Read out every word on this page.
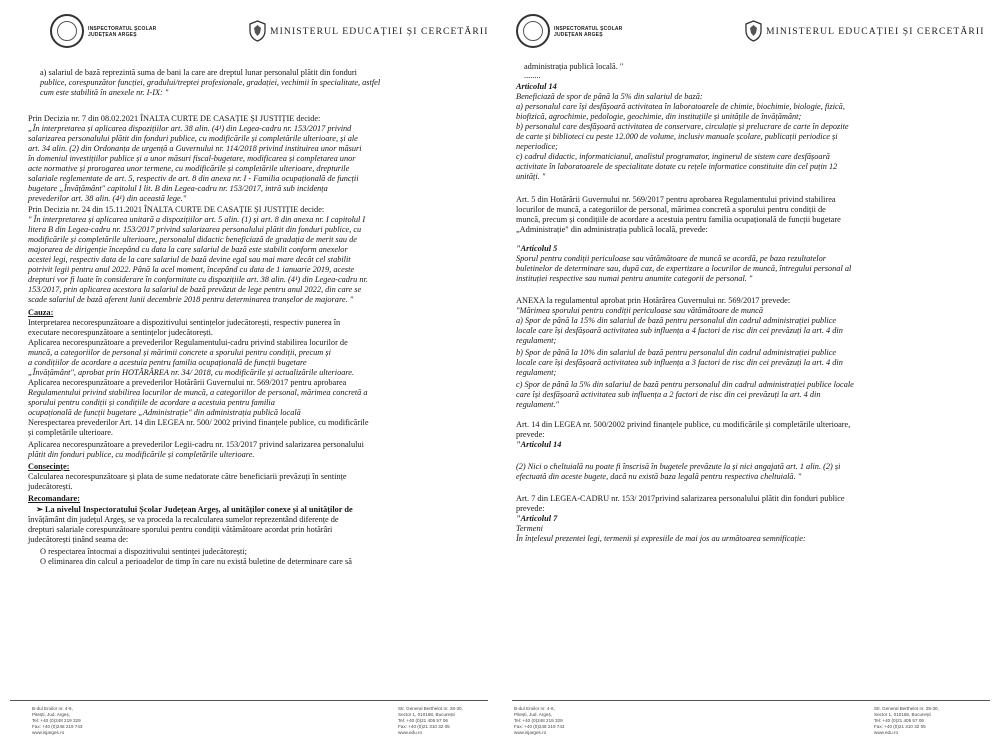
INSPECTORATUL ȘCOLAR
JUDEȚEAN ARGEȘ	MINISTERUL EDUCAȚIEI ȘI CERCETĂRII
a) salariul de bază reprezintă suma de bani la care are dreptul lunar personalul plătit din fonduri
publice, corespunzător funcției, gradului/treptei profesionale, gradației, vechimii în specialitate, astfel
cum este stabilită în anexele nr. I-IX: "
Prin Decizia nr. 7 din 08.02.2021 ÎNALTA CURTE DE CASAȚIE ȘI JUSTIȚIE decide:
„În interpretarea și aplicarea dispozițiilor art. 38 alin. (4¹) din Legea-cadru nr. 153/2017 privind
salarizarea personalului plătit din fonduri publice, cu modificările și completările ulterioare, și ale
art. 34 alin. (2) din Ordonanța de urgență a Guvernului nr. 114/2018 privind instituirea unor măsuri
în domeniul investițiilor publice și a unor măsuri fiscal-bugetare, modificarea și completarea unor
acte normative și prorogarea unor termene, cu modificările și completările ulterioare, drepturile
salariale reglementate de art. 5, respectiv de art. 8 din anexa nr. I - Familia ocupațională de funcții
bugetare „Învățământ" capitolul I lit. B din Legea-cadru nr. 153/2017, intră sub incidența
prevederilor art. 38 alin. (4¹) din această lege."
Prin Decizia nr. 24 din 15.11.2021 ÎNALTA CURTE DE CASAȚIE ȘI JUSTIȚIE decide:
" În interpretarea și aplicarea unitară a dispozițiilor art. 5 alin. (1) și art. 8 din anexa nr. I capitolul I
litera B din Legea-cadru nr. 153/2017 privind salarizarea personalului plătit din fonduri publice, cu
modificările și completările ulterioare, personalul didactic beneficiază de gradația de merit sau de
majorarea de dirigenție începând cu data la care salariul de bază este stabilit conform anexelor
acestei legi, respectiv data de la care salariul de bază devine egal sau mai mare decât cel stabilit
potrivit legii pentru anul 2022. Până la acel moment, începând cu data de 1 ianuarie 2019, aceste
drepturi vor fi luate în considerare în conformitate cu dispozițiile art. 38 alin. (4¹) din Legea-cadru nr.
153/2017, prin aplicarea acestora la salariul de bază prevăzut de lege pentru anul 2022, din care se
scade salariul de bază aferent lunii decembrie 2018 pentru determinarea tranșelor de majorare. "
Cauza:
Interpretarea necorespunzătoare a dispozitivului sentințelor judecătorești, respectiv punerea în
executare necorespunzătoare a sentințelor judecătorești.
Aplicarea necorespunzătoare a prevederilor Regulamentului-cadru privind stabilirea locurilor de
muncă, a categoriilor de personal și mărimii concrete a sporului pentru condiții, precum și
a condițiilor de acordare a acestuia pentru familia ocupațională de funcții bugetare
„Învățământ", aprobat prin HOTĂRÂREA nr. 34/ 2018, cu modificările și actualizările ulterioare.
Aplicarea necorespunzătoare a prevederilor Hotărârii Guvernului nr. 569/2017 pentru aprobarea
Regulamentului privind stabilirea locurilor de muncă, a categoriilor de personal, mărimea concretă a
sporului pentru condiții și condițiile de acordare a acestuia pentru familia
ocupațională de funcții bugetare „Administrație" din administrația publică locală
Nerespectarea prevederilor Art. 14 din LEGEA nr. 500/ 2002 privind finanțele publice, cu modificările
și completările ulterioare.
Aplicarea necorespunzătoare a prevederilor Legii-cadru nr. 153/2017 privind salarizarea personalului
plătit din fonduri publice, cu modificările și completările ulterioare.
Consecințe:
Calcularea necorespunzătoare și plata de sume nedatorate către beneficiarii prevăzuți în sentințe
judecătorești.
Recomandare:
➢ La nivelul Inspectoratului Școlar Județean Argeș, al unităților conexe și al unităților de
învățământ din județul Argeș, se va proceda la recalcularea sumelor reprezentând diferențe de
drepturi salariale corespunzătoare sporului pentru condiții vătămătoare acordat prin hotărâri
judecătorești ținând seama de:
O respectarea întocmai a dispozitivului sentinței judecătorești;
O eliminarea din calcul a perioadelor de timp în care nu există buletine de determinare care să
B-dul Eroilor nr. 4-6,
Pitești, Jud. Argeș,
Tel: +40 (0)248 219 329
Fax: +40 (0)248 219 743
www.isjarges.ro
Str. General Berthelot nr. 28-30,
Sector 1, 010168, București
Tel: +40 (0)21 405 57 06
Fax: +40 (0)21 310 32 05
www.edu.ro
INSPECTORATUL ȘCOLAR
JUDEȚEAN ARGEȘ	MINISTERUL EDUCAȚIEI ȘI CERCETĂRII
administrația publică locală. "
........
Articolul 14
Beneficiază de spor de până la 5% din salariul de bază:
a) personalul care își desfășoară activitatea în laboratoarele de chimie, biochimie, biologie, fizică,
biofizică, agrochimie, pedologie, geochimie, din instituțiile și unitățile de învățământ;
b) personalul care desfășoară activitatea de conservare, circulație și prelucrare de carte în depozite
de carte și biblioteci cu peste 12.000 de volume, inclusiv manuale școlare, publicații periodice și
neperiodice;
c) cadrul didactic, informaticianul, analistul programator, inginerul de sistem care desfășoară
activitate în laboratoarele de specialitate dotate cu rețele informatice constituite din cel puțin 12
unități. "
Art. 5 din Hotărârii Guvernului nr. 569/2017 pentru aprobarea Regulamentului privind stabilirea
locurilor de muncă, a categoriilor de personal, mărimea concretă a sporului pentru condiții de
muncă, precum și condițiile de acordare a acestuia pentru familia ocupațională de funcții bugetare
„Administrație" din administrația publică locală, prevede:
"Articolul 5
Sporul pentru condiții periculoase sau vătămătoare de muncă se acordă, pe baza rezultatelor
buletinelor de determinare sau, după caz, de expertizare a locurilor de muncă, întregului personal al
instituției respective sau numai pentru anumite categorii de personal. "
ANEXA la regulamentul aprobat prin Hotărârea Guvernului nr. 569/2017 prevede:
"Mărimea sporului pentru condiții periculoase sau vătămătoare de muncă
a) Spor de până la 15% din salariul de bază pentru personalul din cadrul administrației publice
locale care își desfășoară activitatea sub influența a 4 factori de risc din cei prevăzuți la art. 4 din
regulament;
b) Spor de până la 10% din salariul de bază pentru personalul din cadrul administrației publice
locale care își desfășoară activitatea sub influența a 3 factori de risc din cei prevăzuți la art. 4 din
regulament;
c) Spor de până la 5% din salariul de bază pentru personalul din cadrul administrației publice locale
care își desfășoară activitatea sub influența a 2 factori de risc din cei prevăzuți la art. 4 din
regulament."
Art. 14 din LEGEA nr. 500/2002 privind finanțele publice, cu modificările și completările ulterioare,
prevede:
"Articolul 14
(2) Nici o cheltuială nu poate fi înscrisă în bugetele prevăzute la și nici angajată art. 1 alin. (2) și
efectuată din aceste bugete, dacă nu există baza legală pentru respectiva cheltuială. "
Art. 7 din LEGEA-CADRU nr. 153/ 2017privind salarizarea personalului plătit din fonduri publice
prevede:
"Articolul 7
Termeni
În înțelesul prezentei legi, termenii și expresiile de mai jos au următoarea semnificație:
B-dul Eroilor nr. 4-6,
Pitești, Jud. Argeș,
Tel: +40 (0)248 219 329
Fax: +40 (0)248 219 743
www.isjarges.ro
Str. General Berthelot nr. 28-30,
Sector 1, 010168, București
Tel: +40 (0)21 405 57 06
Fax: +40 (0)21 310 32 05
www.edu.ro
